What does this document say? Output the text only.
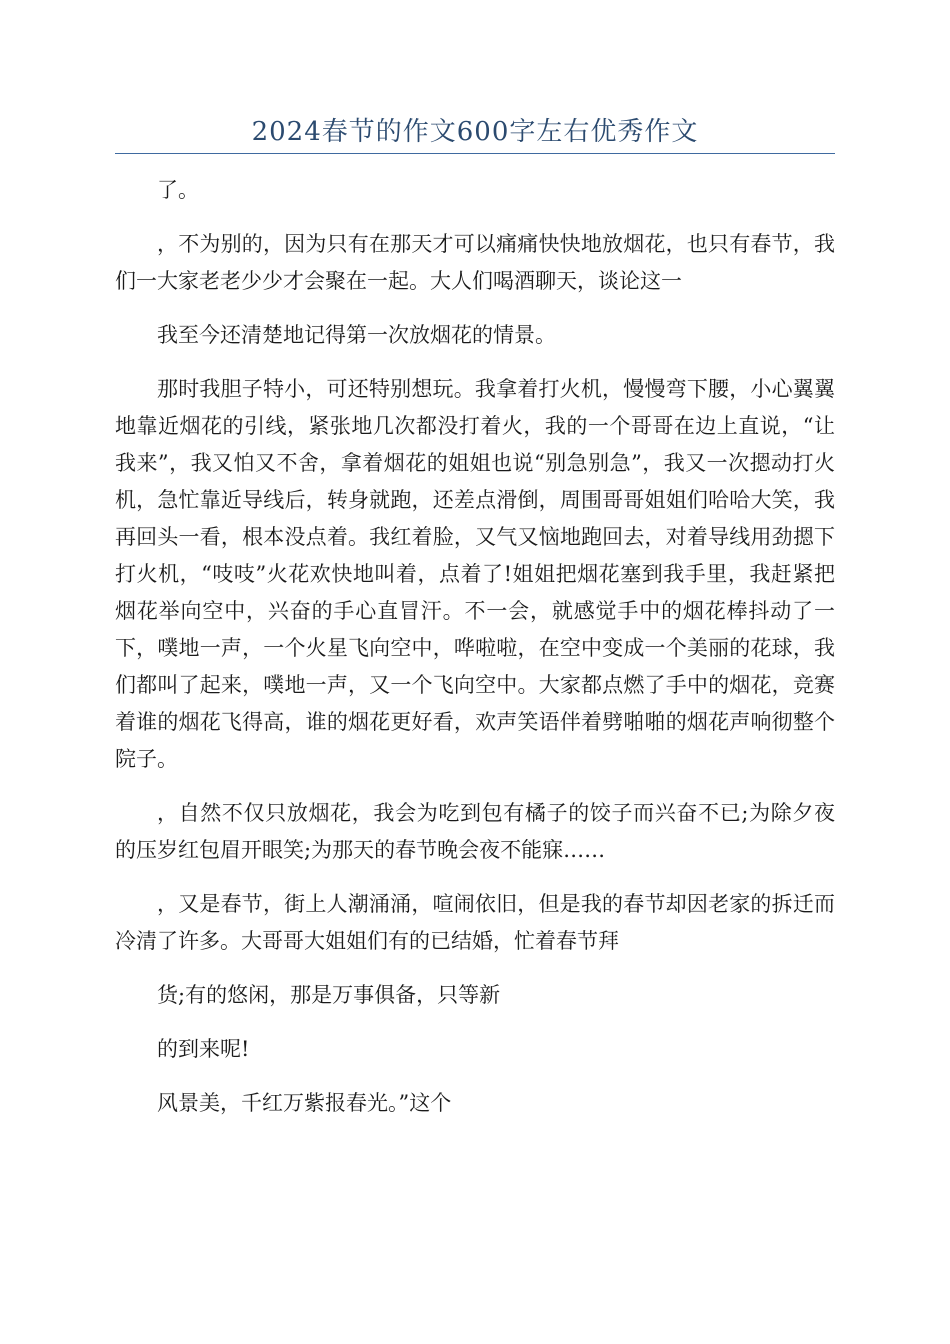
2024春节的作文600字左右优秀作文

了。

，不为别的，因为只有在那天才可以痛痛快快地放烟花，也只有春节，我们一大家老老少少才会聚在一起。大人们喝酒聊天，谈论这一

我至今还清楚地记得第一次放烟花的情景。

那时我胆子特小，可还特别想玩。我拿着打火机，慢慢弯下腰，小心翼翼地靠近烟花的引线，紧张地几次都没打着火，我的一个哥哥在边上直说，“让我来”，我又怕又不舍，拿着烟花的姐姐也说“别急别急”，我又一次摁动打火机，急忙靠近导线后，转身就跑，还差点滑倒，周围哥哥姐姐们哈哈大笑，我再回头一看，根本没点着。我红着脸，又气又恼地跑回去，对着导线用劲摁下打火机，“吱吱”火花欢快地叫着，点着了!姐姐把烟花塞到我手里，我赶紧把烟花举向空中，兴奋的手心直冒汗。不一会，就感觉手中的烟花棒抖动了一下，噗地一声，一个火星飞向空中，哗啦啦，在空中变成一个美丽的花球，我们都叫了起来，噗地一声，又一个飞向空中。大家都点燃了手中的烟花，竞赛着谁的烟花飞得高，谁的烟花更好看，欢声笑语伴着劈啪啪的烟花声响彻整个院子。

，自然不仅只放烟花，我会为吃到包有橘子的饺子而兴奋不已;为除夕夜的压岁红包眉开眼笑;为那天的春节晚会夜不能寐……

，又是春节，街上人潮涌涌，喧闹依旧，但是我的春节却因老家的拆迁而冷清了许多。大哥哥大姐姐们有的已结婚，忙着春节拜

货;有的悠闲，那是万事俱备，只等新

的到来呢!

风景美，千红万紫报春光。”这个
